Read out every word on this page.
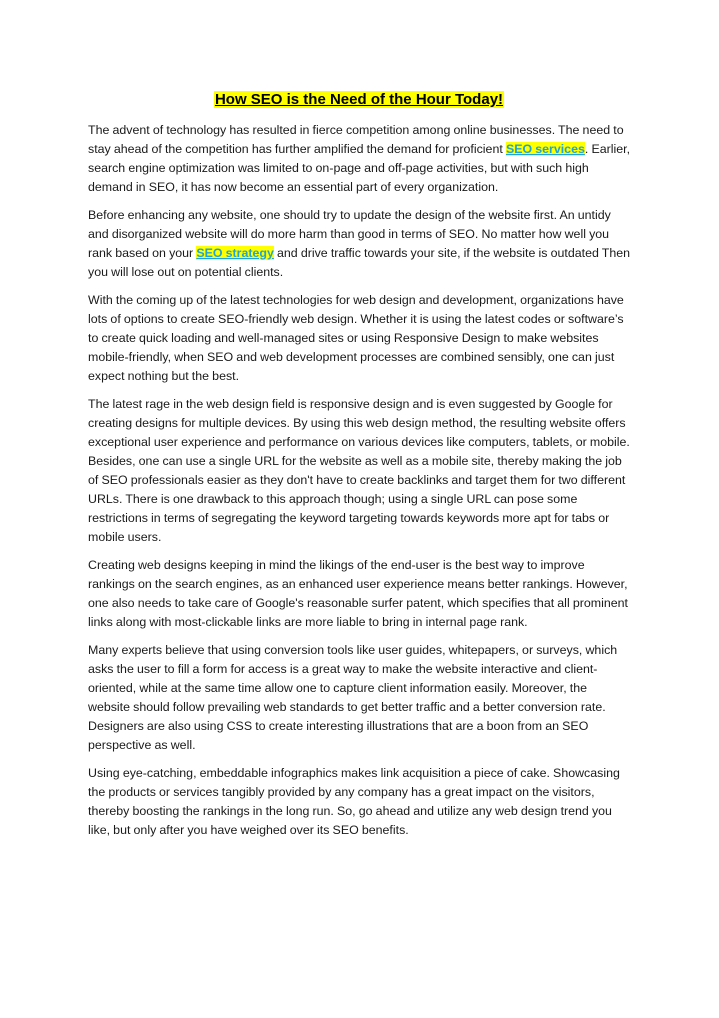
How SEO is the Need of the Hour Today!

The advent of technology has resulted in fierce competition among online businesses. The need to stay ahead of the competition has further amplified the demand for proficient SEO services. Earlier, search engine optimization was limited to on-page and off-page activities, but with such high demand in SEO, it has now become an essential part of every organization.

Before enhancing any website, one should try to update the design of the website first. An untidy and disorganized website will do more harm than good in terms of SEO. No matter how well you rank based on your SEO strategy and drive traffic towards your site, if the website is outdated Then you will lose out on potential clients.

With the coming up of the latest technologies for web design and development, organizations have lots of options to create SEO-friendly web design. Whether it is using the latest codes or software’s to create quick loading and well-managed sites or using Responsive Design to make websites mobile-friendly, when SEO and web development processes are combined sensibly, one can just expect nothing but the best.

The latest rage in the web design field is responsive design and is even suggested by Google for creating designs for multiple devices. By using this web design method, the resulting website offers exceptional user experience and performance on various devices like computers, tablets, or mobile. Besides, one can use a single URL for the website as well as a mobile site, thereby making the job of SEO professionals easier as they don't have to create backlinks and target them for two different URLs. There is one drawback to this approach though; using a single URL can pose some restrictions in terms of segregating the keyword targeting towards keywords more apt for tabs or mobile users.

Creating web designs keeping in mind the likings of the end-user is the best way to improve rankings on the search engines, as an enhanced user experience means better rankings. However, one also needs to take care of Google's reasonable surfer patent, which specifies that all prominent links along with most-clickable links are more liable to bring in internal page rank.

Many experts believe that using conversion tools like user guides, whitepapers, or surveys, which asks the user to fill a form for access is a great way to make the website interactive and client-oriented, while at the same time allow one to capture client information easily. Moreover, the website should follow prevailing web standards to get better traffic and a better conversion rate. Designers are also using CSS to create interesting illustrations that are a boon from an SEO perspective as well.

Using eye-catching, embeddable infographics makes link acquisition a piece of cake. Showcasing the products or services tangibly provided by any company has a great impact on the visitors, thereby boosting the rankings in the long run. So, go ahead and utilize any web design trend you like, but only after you have weighed over its SEO benefits.
